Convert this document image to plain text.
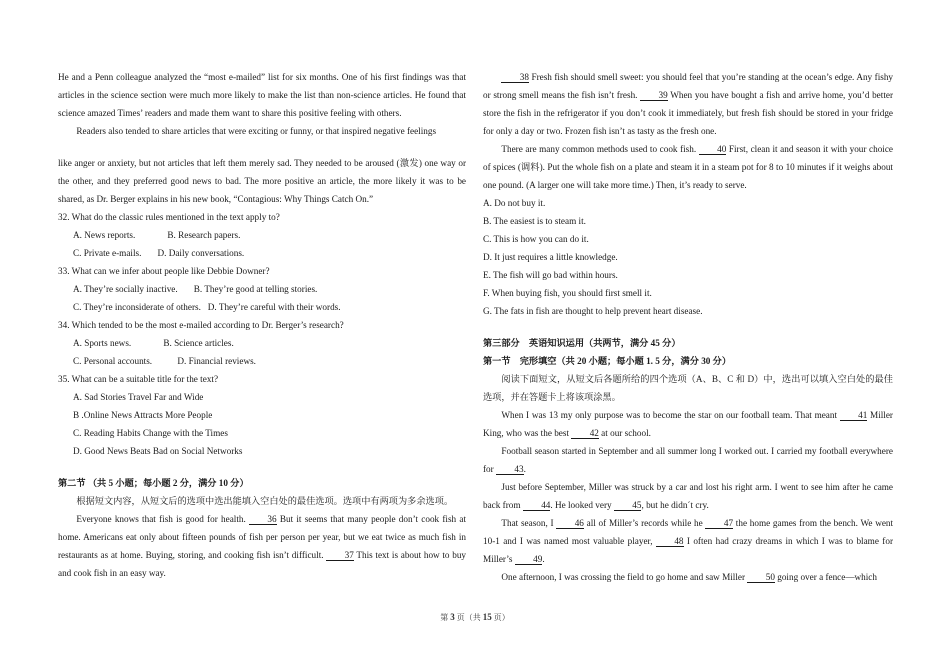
He and a Penn colleague analyzed the “most e-mailed” list for six months. One of his first findings was that articles in the science section were much more likely to make the list than non-science articles. He found that science amazed Times’ readers and made them want to share this positive feeling with others.

Readers also tended to share articles that were exciting or funny, or that inspired negative feelings

like anger or anxiety, but not articles that left them merely sad. They needed to be aroused (激发) one way or the other, and they preferred good news to bad. The more positive an article, the more likely it was to be shared, as Dr. Berger explains in his new book, “Contagious: Why Things Catch On.”

32. What do the classic rules mentioned in the text apply to?

A. News reports.              B. Research papers.

C. Private e-mails.       D. Daily conversations.

33. What can we infer about people like Debbie Downer?

A. They’re socially inactive.       B. They’re good at telling stories.

C. They’re inconsiderate of others.   D. They’re careful with their words.

34. Which tended to be the most e-mailed according to Dr. Berger’s research?

A. Sports news.              B. Science articles.

C. Personal accounts.           D. Financial reviews.

35. What can be a suitable title for the text?

A. Sad Stories Travel Far and Wide

B .Online News Attracts More People

C. Reading Habits Change with the Times

D. Good News Beats Bad on Social Networks

第二节 （共 5 小题；每小题 2 分，满分 10 分）

根据短文内容，从短文后的选项中选出能填入空白处的最佳选项。选项中有两项为多余选项。

Everyone knows that fish is good for health. 36 But it seems that many people don’t cook fish at home. Americans eat only about fifteen pounds of fish per person per year, but we eat twice as much fish in restaurants as at home. Buying, storing, and cooking fish isn’t difficult. 37 This text is about how to buy and cook fish in an easy way.

38 Fresh fish should smell sweet: you should feel that you’re standing at the ocean’s edge. Any fishy or strong smell means the fish isn’t fresh. 39 When you have bought a fish and arrive home, you’d better store the fish in the refrigerator if you don’t cook it immediately, but fresh fish should be stored in your fridge for only a day or two. Frozen fish isn’t as tasty as the fresh one.

There are many common methods used to cook fish. 40 First, clean it and season it with your choice of spices (调料). Put the whole fish on a plate and steam it in a steam pot for 8 to 10 minutes if it weighs about one pound. (A larger one will take more time.) Then, it’s ready to serve.

A. Do not buy it.

B. The easiest is to steam it.

C. This is how you can do it.

D. It just requires a little knowledge.

E. The fish will go bad within hours.

F. When buying fish, you should first smell it.

G. The fats in fish are thought to help prevent heart disease.

第三部分　英语知识运用（共两节，满分 45 分）

第一节　完形填空（共 20 小题；每小题 1. 5 分，满分 30 分）

阅读下面短文，从短文后各题所给的四个选项（A、B、C 和 D）中，选出可以填入空白处的最佳选项，并在答题卡上将该项涂黑。

When I was 13 my only purpose was to become the star on our football team. That meant 41 Miller King, who was the best 42 at our school.

Football season started in September and all summer long I worked out. I carried my football everywhere for 43.

Just before September, Miller was struck by a car and lost his right arm. I went to see him after he came back from 44. He looked very 45, but he didn´t cry.

That season, I 46 all of Miller’s records while he 47 the home games from the bench. We went 10-1 and I was named most valuable player, 48 I often had crazy dreams in which I was to blame for Miller’s 49.

One afternoon, I was crossing the field to go home and saw Miller 50 going over a fence—which

第 3 页（共 15 页）
